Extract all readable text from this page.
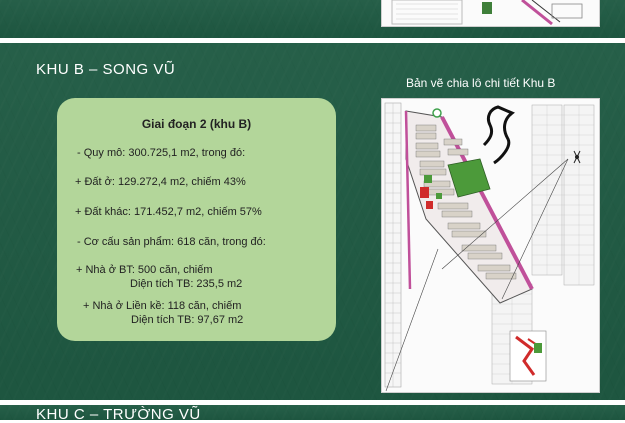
KHU B – SONG VŨ
Giai đoạn 2 (khu B)
- Quy mô: 300.725,1 m2, trong đó:
+ Đất ở: 129.272,4 m2, chiếm 43%
+ Đất khác: 171.452,7 m2, chiếm 57%
- Cơ cấu sản phẩm: 618 căn, trong đó:
+ Nhà ở BT: 500 căn, chiếm
Diện tích TB: 235,5 m2
+ Nhà ở Liền kề: 118 căn, chiếm
Diện tích TB: 97,67 m2
Bản vẽ chia lô chi tiết Khu B
KHU C – TRƯỜNG VŨ
